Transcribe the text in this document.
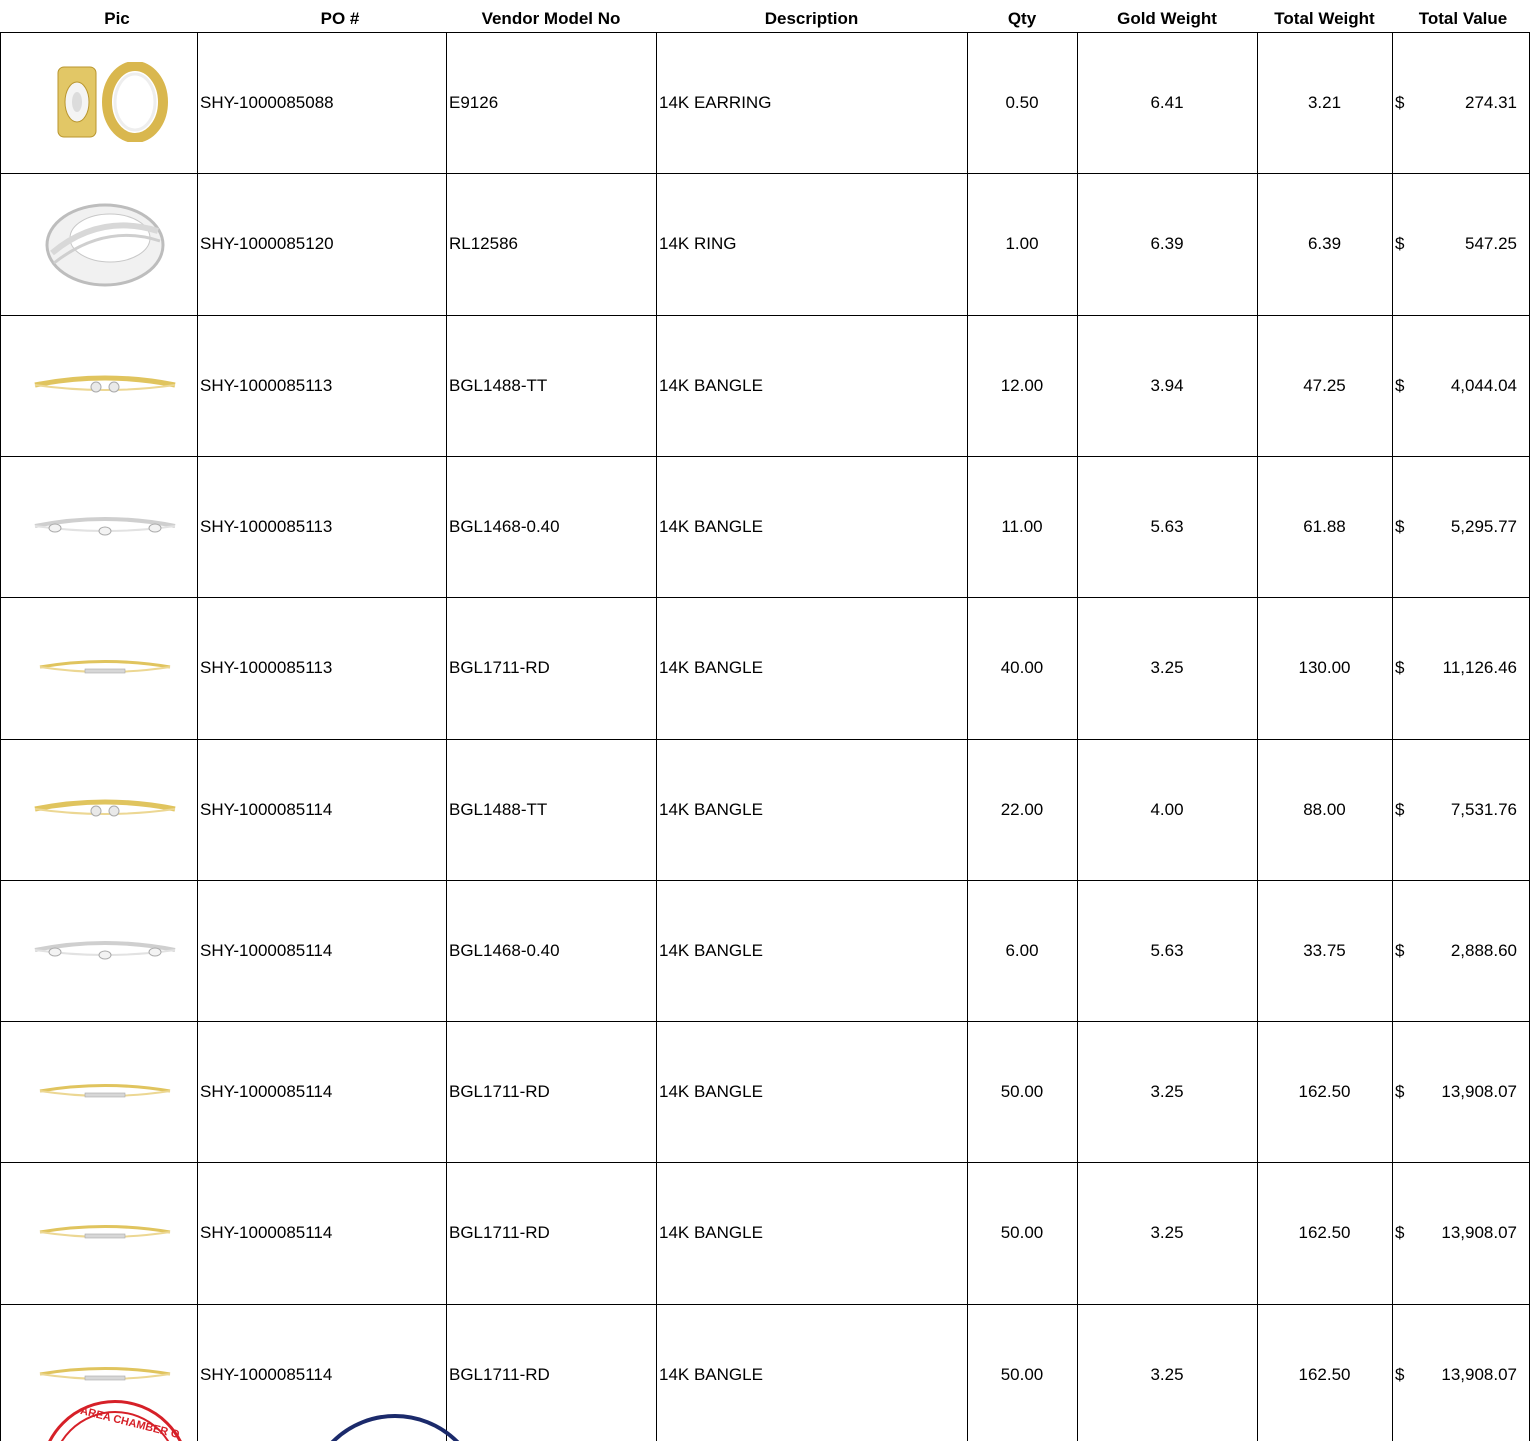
Pic	PO #	Vendor Model No	Description	Qty	Gold Weight	Total Weight	Total Value
SHY-1000085088	E9126	14K EARRING	0.50	6.41	3.21	$	274.31
SHY-1000085120	RL12586	14K RING	1.00	6.39	6.39	$	547.25
SHY-1000085113	BGL1488-TT	14K BANGLE	12.00	3.94	47.25	$	4,044.04
SHY-1000085113	BGL1468-0.40	14K BANGLE	11.00	5.63	61.88	$	5,295.77
SHY-1000085113	BGL1711-RD	14K BANGLE	40.00	3.25	130.00	$ 11,126.46
SHY-1000085114	BGL1488-TT	14K BANGLE	22.00	4.00	88.00	$	7,531.76
SHY-1000085114	BGL1468-0.40	14K BANGLE	6.00	5.63	33.75	$	2,888.60
SHY-1000085114	BGL1711-RD	14K BANGLE	50.00	3.25	162.50	$ 13,908.07
SHY-1000085114	BGL1711-RD	14K BANGLE	50.00	3.25	162.50	$ 13,908.07
SHY-1000085114	BGL1711-RD	14K BANGLE	50.00	3.25	162.50	$ 13,908.07
AREA CHAMBER O
